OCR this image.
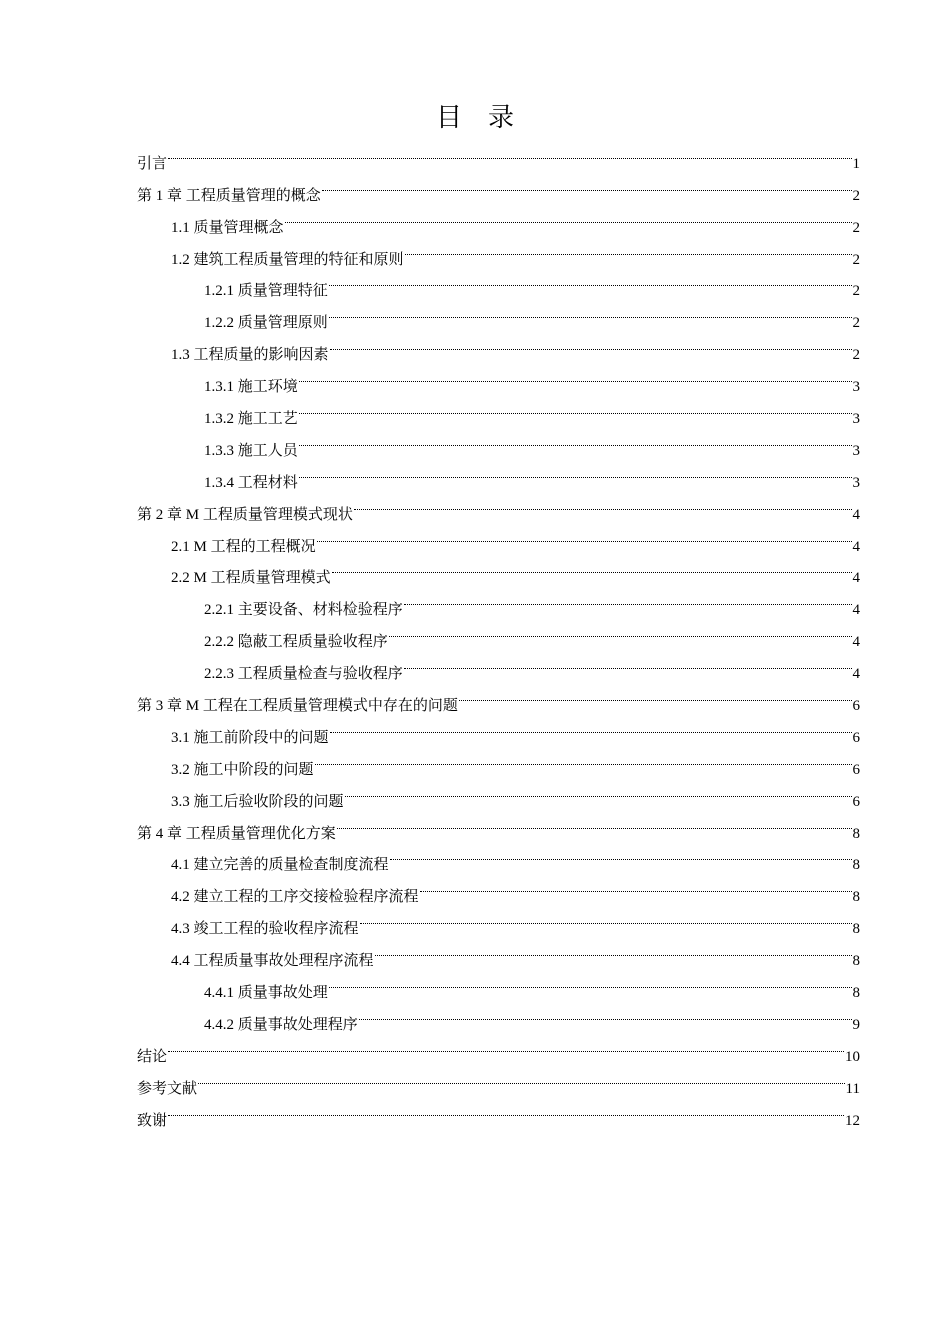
目 录
引言	1
第 1 章 工程质量管理的概念	2
1.1 质量管理概念	2
1.2 建筑工程质量管理的特征和原则	2
1.2.1 质量管理特征	2
1.2.2 质量管理原则	2
1.3 工程质量的影响因素	2
1.3.1 施工环境	3
1.3.2 施工工艺	3
1.3.3 施工人员	3
1.3.4 工程材料	3
第 2 章 M 工程质量管理模式现状	4
2.1 M 工程的工程概况	4
2.2 M 工程质量管理模式	4
2.2.1 主要设备、材料检验程序	4
2.2.2 隐蔽工程质量验收程序	4
2.2.3 工程质量检查与验收程序	4
第 3 章 M 工程在工程质量管理模式中存在的问题	6
3.1 施工前阶段中的问题	6
3.2 施工中阶段的问题	6
3.3 施工后验收阶段的问题	6
第 4 章 工程质量管理优化方案	8
4.1 建立完善的质量检查制度流程	8
4.2 建立工程的工序交接检验程序流程	8
4.3 竣工工程的验收程序流程	8
4.4 工程质量事故处理程序流程	8
4.4.1 质量事故处理	8
4.4.2 质量事故处理程序	9
结论	10
参考文献	11
致谢	12
